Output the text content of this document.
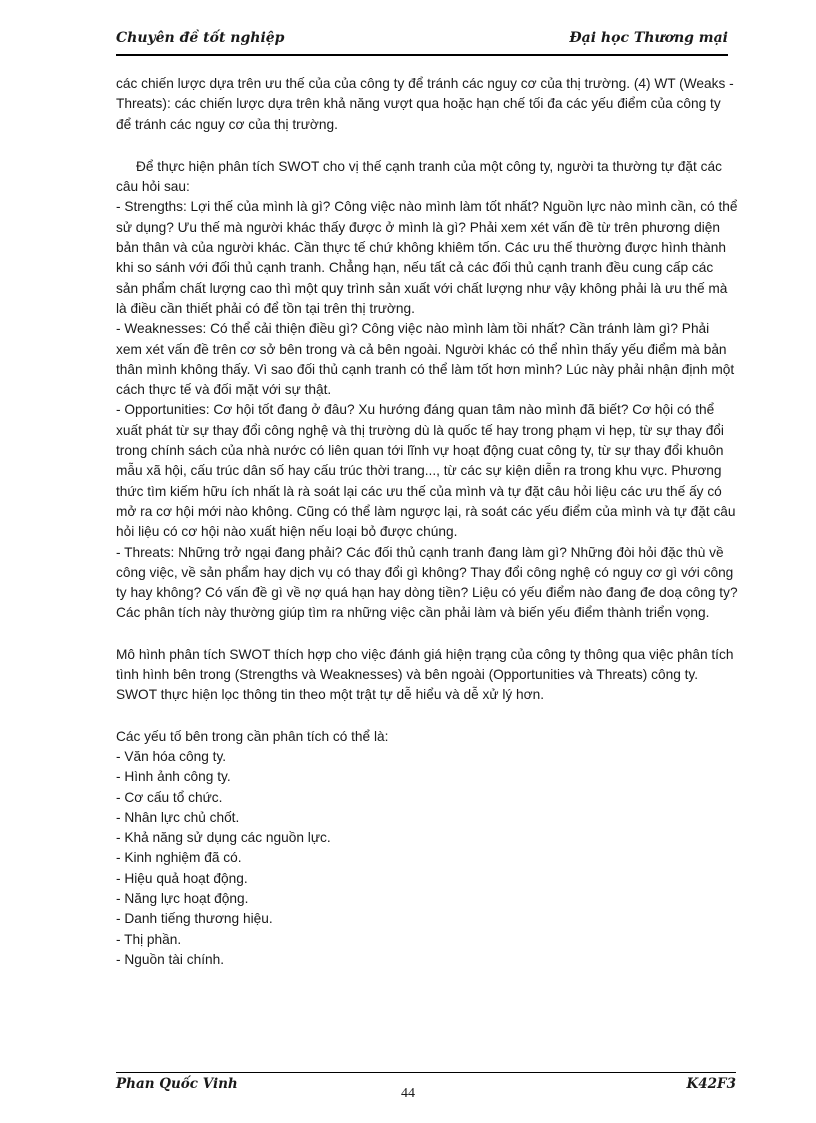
Chuyên đề tốt nghiệp	Đại học Thương mại

các chiến lược dựa trên ưu thế của của công ty để tránh các nguy cơ của thị trường. (4) WT (Weaks - Threats): các chiến lược dựa trên khả năng vượt qua hoặc hạn chế tối đa các yếu điểm của công ty để tránh các nguy cơ của thị trường.

Để thực hiện phân tích SWOT cho vị thế cạnh tranh của một công ty, người ta thường tự đặt các câu hỏi sau:

- Strengths: Lợi thế của mình là gì? Công việc nào mình làm tốt nhất? Nguồn lực nào mình cần, có thể sử dụng? Ưu thế mà người khác thấy được ở mình là gì? Phải xem xét vấn đề từ trên phương diện bản thân và của người khác. Cần thực tế chứ không khiêm tốn. Các ưu thế thường được hình thành khi so sánh với đối thủ cạnh tranh. Chẳng hạn, nếu tất cả các đối thủ cạnh tranh đều cung cấp các sản phẩm chất lượng cao thì một quy trình sản xuất với chất lượng như vậy không phải là ưu thế mà là điều cần thiết phải có để tồn tại trên thị trường.

- Weaknesses: Có thể cải thiện điều gì? Công việc nào mình làm tồi nhất? Cần tránh làm gì? Phải xem xét vấn đề trên cơ sở bên trong và cả bên ngoài. Người khác có thể nhìn thấy yếu điểm mà bản thân mình không thấy. Vì sao đối thủ cạnh tranh có thể làm tốt hơn mình? Lúc này phải nhận định một cách thực tế và đối mặt với sự thật.

- Opportunities: Cơ hội tốt đang ở đâu? Xu hướng đáng quan tâm nào mình đã biết? Cơ hội có thể xuất phát từ sự thay đổi công nghệ và thị trường dù là quốc tế hay trong phạm vi hẹp, từ sự thay đổi trong chính sách của nhà nước có liên quan tới lĩnh vự hoạt động cuat công ty, từ sự thay đổi khuôn mẫu xã hội, cấu trúc dân số hay cấu trúc thời trang..., từ các sự kiện diễn ra trong khu vực. Phương thức tìm kiếm hữu ích nhất là rà soát lại các ưu thế của mình và tự đặt câu hỏi liệu các ưu thế ấy có mở ra cơ hội mới nào không. Cũng có thể làm ngược lại, rà soát các yếu điểm của mình và tự đặt câu hỏi liệu có cơ hội nào xuất hiện nếu loại bỏ được chúng.

- Threats: Những trở ngại đang phải? Các đối thủ cạnh tranh đang làm gì? Những đòi hỏi đặc thù về công việc, về sản phẩm hay dịch vụ có thay đổi gì không? Thay đổi công nghệ có nguy cơ gì với công ty hay không? Có vấn đề gì về nợ quá hạn hay dòng tiền? Liệu có yếu điểm nào đang đe doạ công ty? Các phân tích này thường giúp tìm ra những việc cần phải làm và biến yếu điểm thành triển vọng.

Mô hình phân tích SWOT thích hợp cho việc đánh giá hiện trạng của công ty thông qua việc phân tích tình hình bên trong (Strengths và Weaknesses) và bên ngoài (Opportunities và Threats) công ty. SWOT thực hiện lọc thông tin theo một trật tự dễ hiểu và dễ xử lý hơn.

Các yếu tố bên trong cần phân tích có thể là:

- Văn hóa công ty.
- Hình ảnh công ty.
- Cơ cấu tổ chức.
- Nhân lực chủ chốt.
- Khả năng sử dụng các nguồn lực.
- Kinh nghiệm đã có.
- Hiệu quả hoạt động.
- Năng lực hoạt động.
- Danh tiếng thương hiệu.
- Thị phần.
- Nguồn tài chính.
Phan Quốc Vinh	K42F3
44
